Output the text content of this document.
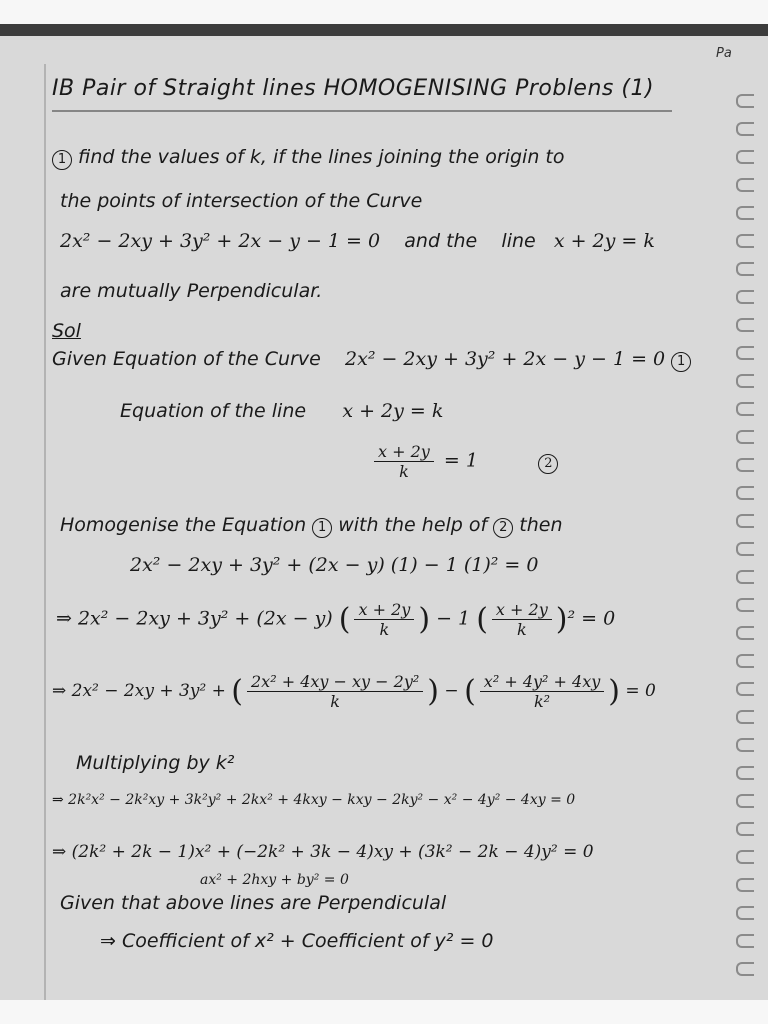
Pa
IB Pair of Straight lines HOMOGENISING Problens (1)
1 find the values of k, if the lines joining the origin to
the points of intersection of the Curve
2x² − 2xy + 3y² + 2x − y − 1 = 0 and the line x + 2y = k
are mutually Perpendicular.
Sol
Given Equation of the Curve 2x² − 2xy + 3y² + 2x − y − 1 = 0 1
Equation of the line x + 2y = k
$\frac{x + 2y}{k} = 1$	2
Homogenise the Equation 1 with the help of 2 then
2x² − 2xy + 3y² + (2x − y) (1) − 1 (1)² = 0
⇒ 2x² − 2xy + 3y² + (2x − y) ( $\frac{x + 2y}{k}$ ) − 1 ( $\frac{x + 2y}{k} )^2 = 0$
⇒ 2x² − 2xy + 3y² + ( $\frac{\text{2x² + 4xy − xy − 2y²}}{k}$ ) − ( $\frac{\text{x² + 4y² + 4xy}}{\text{k²}}$ ) = 0
Multiplying by k²
⇒ 2k²x² − 2k²xy + 3k²y² + 2kx² + 4kxy − kxy − 2ky² − x² − 4y² − 4xy = 0
⇒ (2k² + 2k − 1)x² + (−2k² + 3k − 4)xy + (3k² − 2k − 4)y² = 0
ax² + 2hxy + by² = 0
Given that above lines are Perpendiculal
⇒ Coefficient of x² + Coefficient of y² = 0
